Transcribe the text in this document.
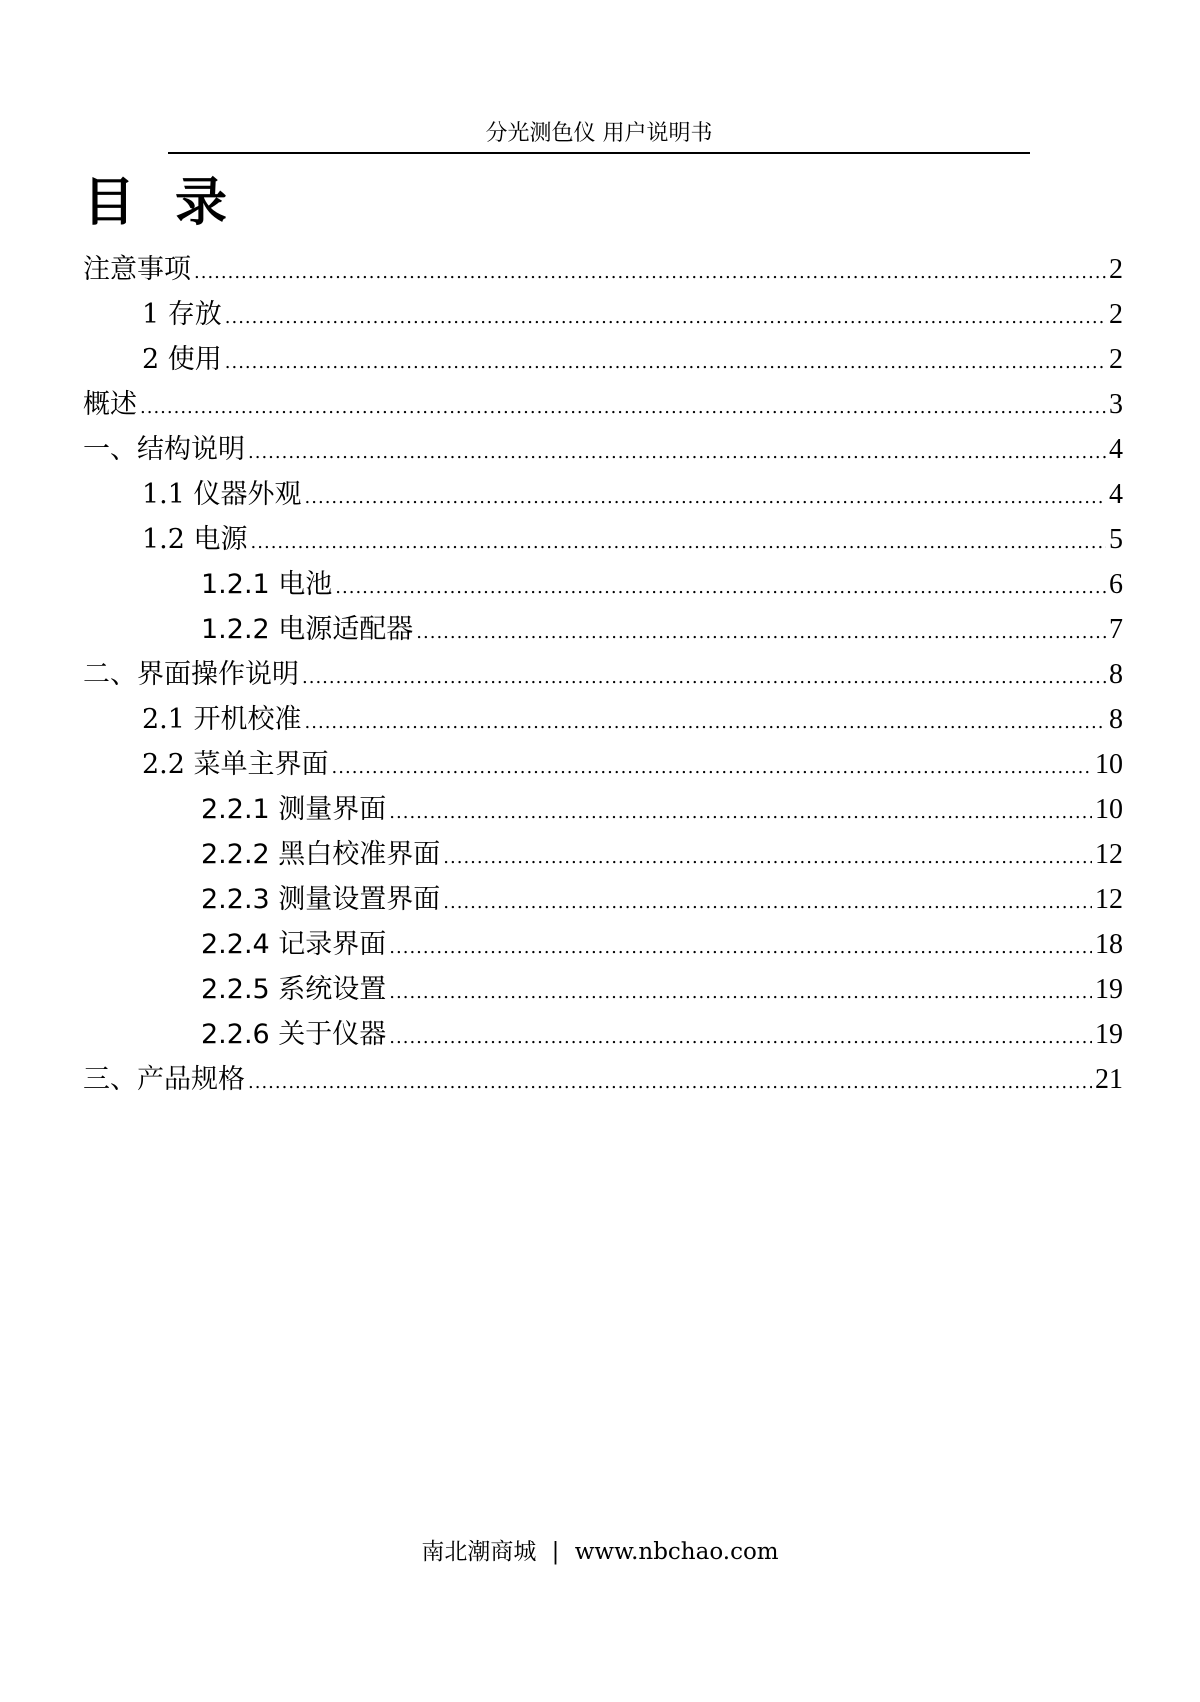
分光测色仪 用户说明书
目录
注意事项 .....	2
1 存放 .....	2
2 使用 .....	2
概述 .....	3
一、结构说明 .....	4
1.1 仪器外观 .....	4
1.2 电源 .....	5
1.2.1 电池 .....	6
1.2.2 电源适配器 .....	7
二、界面操作说明 .....	8
2.1 开机校准 .....	8
2.2 菜单主界面 .....	10
2.2.1 测量界面 .....	10
2.2.2 黑白校准界面 .....	12
2.2.3 测量设置界面 .....	12
2.2.4 记录界面 .....	18
2.2.5 系统设置 .....	19
2.2.6 关于仪器 .....	19
三、产品规格 .....	21
南北潮商城 | www.nbchao.com
